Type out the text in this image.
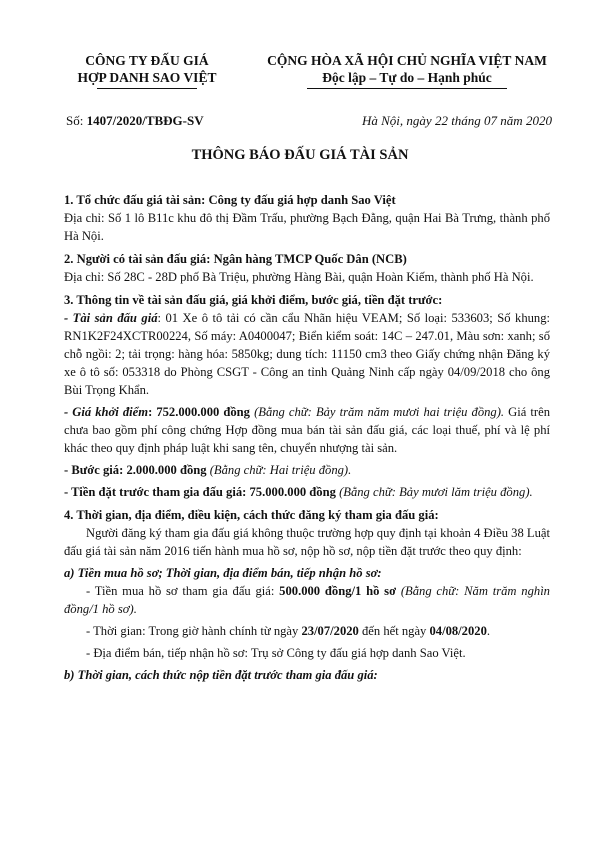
CÔNG TY ĐẤU GIÁ
HỢP DANH SAO VIỆT
CỘNG HÒA XÃ HỘI CHỦ NGHĨA VIỆT NAM
Độc lập – Tự do – Hạnh phúc
Số: 1407/2020/TBĐG-SV	Hà Nội, ngày 22 tháng 07 năm 2020
THÔNG BÁO ĐẤU GIÁ TÀI SẢN

1. Tổ chức đấu giá tài sản: Công ty đấu giá hợp danh Sao Việt

Địa chỉ: Số 1 lô B11c khu đô thị Đầm Trấu, phường Bạch Đằng, quận Hai Bà Trưng, thành phố Hà Nội.

2. Người có tài sản đấu giá: Ngân hàng TMCP Quốc Dân (NCB)

Địa chỉ: Số 28C - 28D phố Bà Triệu, phường Hàng Bài, quận Hoàn Kiếm, thành phố Hà Nội.

3. Thông tin về tài sản đấu giá, giá khởi điểm, bước giá, tiền đặt trước:

- Tài sản đấu giá: 01 Xe ô tô tải có cần cẩu Nhãn hiệu VEAM; Số loại: 533603; Số khung: RN1K2F24XCTR00224, Số máy: A0400047; Biển kiểm soát: 14C – 247.01, Màu sơn: xanh; số chỗ ngồi: 2; tải trọng: hàng hóa: 5850kg; dung tích: 11150 cm3 theo Giấy chứng nhận Đăng ký xe ô tô số: 053318 do Phòng CSGT - Công an tỉnh Quảng Ninh cấp ngày 04/09/2018 cho ông Bùi Trọng Khẩn.

- Giá khởi điểm: 752.000.000 đồng (Bằng chữ: Bảy trăm năm mươi hai triệu đồng). Giá trên chưa bao gồm phí công chứng Hợp đồng mua bán tài sản đấu giá, các loại thuế, phí và lệ phí khác theo quy định pháp luật khi sang tên, chuyển nhượng tài sản.

- Bước giá: 2.000.000 đồng (Bằng chữ: Hai triệu đồng).

- Tiền đặt trước tham gia đấu giá: 75.000.000 đồng (Bằng chữ: Bảy mươi lăm triệu đồng).

4. Thời gian, địa điểm, điều kiện, cách thức đăng ký tham gia đấu giá:

Người đăng ký tham gia đấu giá không thuộc trường hợp quy định tại khoản 4 Điều 38 Luật đấu giá tài sản năm 2016 tiến hành mua hồ sơ, nộp hồ sơ, nộp tiền đặt trước theo quy định:

a) Tiền mua hồ sơ; Thời gian, địa điểm bán, tiếp nhận hồ sơ:

- Tiền mua hồ sơ tham gia đấu giá: 500.000 đồng/1 hồ sơ (Bằng chữ: Năm trăm nghìn đồng/1 hồ sơ).

- Thời gian: Trong giờ hành chính từ ngày 23/07/2020 đến hết ngày 04/08/2020.

- Địa điểm bán, tiếp nhận hồ sơ: Trụ sở Công ty đấu giá hợp danh Sao Việt.

b) Thời gian, cách thức nộp tiền đặt trước tham gia đấu giá:
